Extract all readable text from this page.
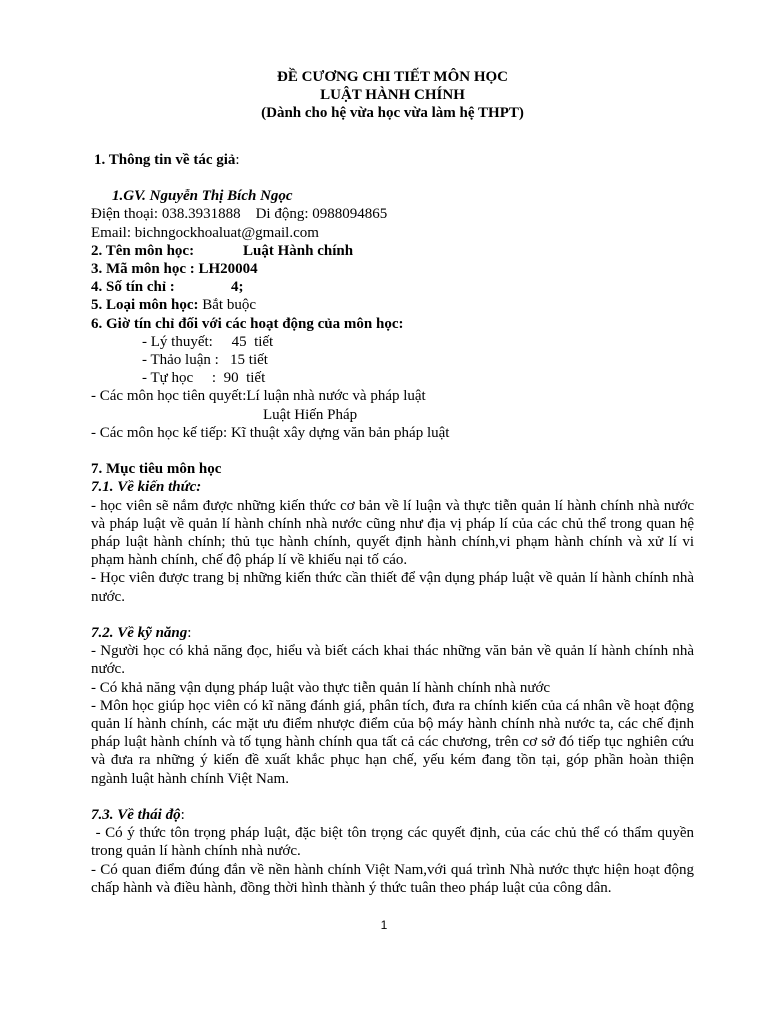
ĐỀ CƯƠNG CHI TIẾT MÔN HỌC
LUẬT HÀNH CHÍNH
(Dành cho hệ vừa học vừa làm hệ THPT)
1. Thông tin về tác giả:
1.GV. Nguyễn Thị Bích Ngọc
Điện thoại: 038.3931888    Di động: 0988094865
Email: bichngockhoaluat@gmail.com
2. Tên môn học:	Luật Hành chính
3. Mã môn học : LH20004
4. Số tín chỉ :	4;
5. Loại môn học: Bắt buộc
6. Giờ tín chỉ đối với các hoạt động của môn học:
- Lý thuyết:     45  tiết
- Thảo luận :   15 tiết
- Tự học     :  90  tiết
- Các môn học tiên quyết:Lí luận nhà nước và pháp luật
Luật Hiến Pháp
- Các môn học kế tiếp: Kĩ thuật xây dựng văn bản pháp luật
7. Mục tiêu môn học
7.1. Về kiến thức:
- học viên sẽ nắm được những kiến thức cơ bản về lí luận và thực tiễn quản lí hành chính nhà nước và pháp luật về quản lí hành chính nhà nước cũng như địa vị pháp lí của các chủ thể trong quan hệ pháp luật hành chính; thủ tục hành chính, quyết định hành chính,vi phạm hành chính và xử lí vi phạm hành chính, chế độ pháp lí về khiếu nại tố cáo.
- Học viên được trang bị những kiến thức cần thiết để vận dụng pháp luật về quản lí hành chính nhà nước.
7.2. Về kỹ năng:
- Người học có khả năng đọc, hiểu và biết cách khai thác những văn bản về quản lí hành chính nhà nước.
- Có khả năng vận dụng pháp luật vào thực tiễn quản lí hành chính nhà nước
- Môn học giúp học viên có kĩ năng đánh giá, phân tích, đưa ra chính kiến của cá nhân về hoạt động quản lí hành chính, các mặt ưu điểm nhược điểm của bộ máy hành chính nhà nước ta, các chế định pháp luật hành chính và tố tụng hành chính qua tất cả các chương, trên cơ sở đó tiếp tục nghiên cứu và đưa ra những ý kiến đề xuất khắc phục hạn chế, yếu kém đang tồn tại, góp phần hoàn thiện ngành luật hành chính Việt Nam.
7.3. Về thái độ:
- Có ý thức tôn trọng pháp luật, đặc biệt tôn trọng các quyết định, của các chủ thể có thẩm quyền trong quản lí hành chính nhà nước.
- Có quan điểm đúng đắn về nền hành chính Việt Nam,với quá trình Nhà nước thực hiện hoạt động chấp hành và điều hành, đồng thời hình thành ý thức tuân theo pháp luật của công dân.
1
